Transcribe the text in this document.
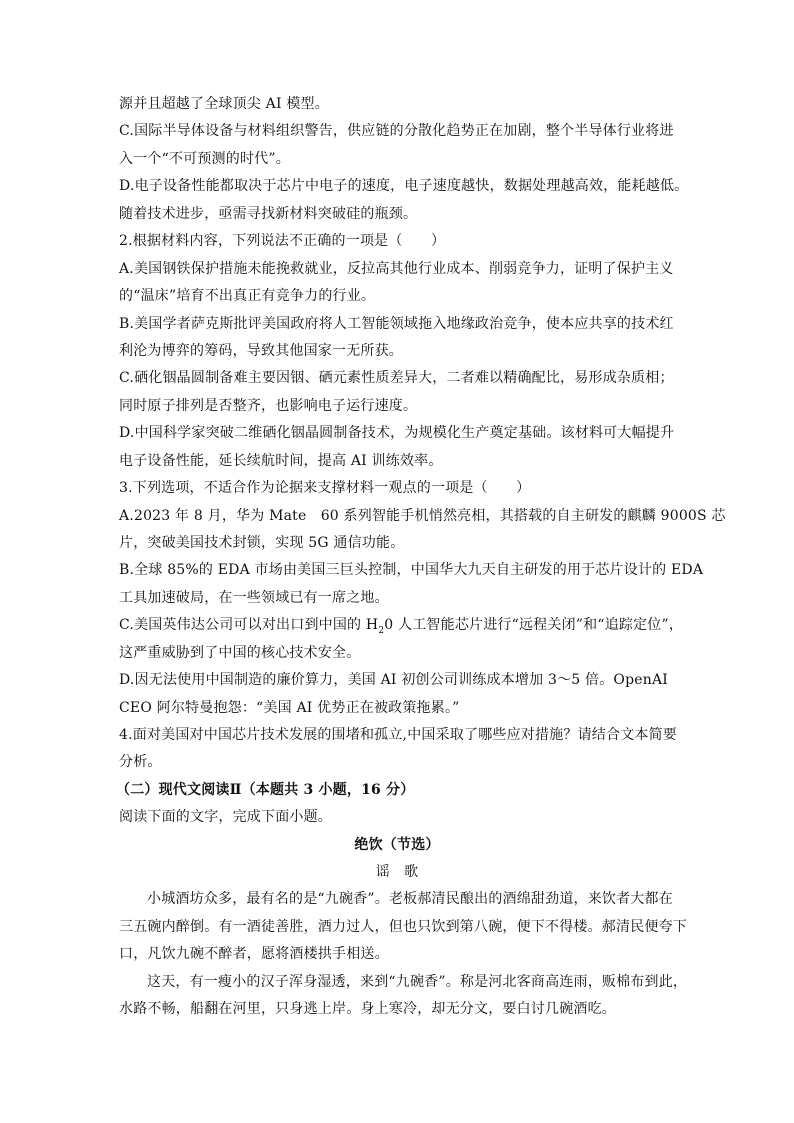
源并且超越了全球顶尖 AI 模型。
C.国际半导体设备与材料组织警告，供应链的分散化趋势正在加剧，整个半导体行业将进
入一个“不可预测的时代”。
D.电子设备性能都取决于芯片中电子的速度，电子速度越快，数据处理越高效，能耗越低。
随着技术进步，亟需寻找新材料突破硅的瓶颈。
2.根据材料内容，下列说法不正确的一项是（　　）
A.美国钢铁保护措施未能挽救就业，反拉高其他行业成本、削弱竞争力，证明了保护主义
的“温床”培育不出真正有竞争力的行业。
B.美国学者萨克斯批评美国政府将人工智能领域拖入地缘政治竞争，使本应共享的技术红
利沦为博弈的筹码，导致其他国家一无所获。
C.硒化铟晶圆制备难主要因铟、硒元素性质差异大，二者难以精确配比，易形成杂质相；
同时原子排列是否整齐，也影响电子运行速度。
D.中国科学家突破二维硒化铟晶圆制备技术，为规模化生产奠定基础。该材料可大幅提升
电子设备性能，延长续航时间，提高 AI 训练效率。
3.下列选项，不适合作为论据来支撑材料一观点的一项是（　　）
A.2023 年 8 月，华为 Mate　60 系列智能手机悄然亮相，其搭载的自主研发的麒麟 9000S 芯
片，突破美国技术封锁，实现 5G 通信功能。
B.全球 85%的 EDA 市场由美国三巨头控制，中国华大九天自主研发的用于芯片设计的 EDA
工具加速破局，在一些领域已有一席之地。
C.美国英伟达公司可以对出口到中国的 $H_20$ 人工智能芯片进行“远程关闭”和“追踪定位”，
这严重威胁到了中国的核心技术安全。
D.因无法使用中国制造的廉价算力，美国 AI 初创公司训练成本增加 3～5 倍。OpenAI
CEO 阿尔特曼抱怨：“美国 AI 优势正在被政策拖累。”
4.面对美国对中国芯片技术发展的围堵和孤立,中国采取了哪些应对措施？请结合文本简要
分析。
（二）现代文阅读Ⅱ（本题共 3 小题，16 分）
阅读下面的文字，完成下面小题。
绝饮（节选）
谣　歌
小城酒坊众多，最有名的是“九碗香”。老板郝清民酿出的酒绵甜劲道，来饮者大都在
三五碗内醉倒。有一酒徒善胜，酒力过人，但也只饮到第八碗，便下不得楼。郝清民便夸下
口，凡饮九碗不醉者，愿将酒楼拱手相送。
这天，有一瘦小的汉子浑身湿透，来到“九碗香”。称是河北客商高连雨，贩棉布到此，
水路不畅，船翻在河里，只身逃上岸。身上寒冷，却无分文，要白讨几碗酒吃。
